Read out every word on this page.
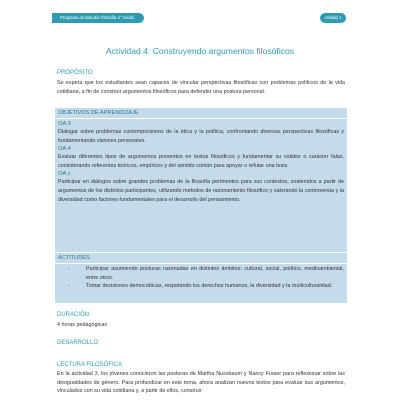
Programa de Estudio Filosofía 4° medio	Unidad 1
Actividad 4: Construyendo argumentos filosóficos
PROPÓSITO
Se espera que los estudiantes sean capaces de vincular perspectivas filosóficas con problemas políticos de la vida cotidiana, a fin de construir argumentos filosóficos para defender una postura personal.
OBJETIVOS DE APRENDIZAJE
OA 3
Dialogar sobre problemas contemporáneos de la ética y la política, confrontando diversas perspectivas filosóficas y fundamentando visiones personales.
OA 4
Evaluar diferentes tipos de argumentos presentes en textos filosóficos y fundamentar su validez o carácter falaz, considerando referentes teóricos, empíricos y del sentido común para apoyar o refutar una tesis.
OA c
Participar en diálogos sobre grandes problemas de la filosofía pertinentes para sus contextos, sostenidos a partir de argumentos de los distintos participantes, utilizando métodos de razonamiento filosófico y valorando la controversia y la diversidad como factores fundamentales para el desarrollo del pensamiento.
ACTITUDES
-	Participar asumiendo posturas razonadas en distintos ámbitos: cultural, social, político, medioambiental, entre otros.
-	Tomar decisiones democráticas, respetando los derechos humanos, la diversidad y la multiculturalidad.
DURACIÓN
4 horas pedagógicas
DESARROLLO
LECTURA FILOSÓFICA
En la actividad 3, los jóvenes conocieron las posturas de Martha Nussbaum y Nancy Fraser para reflexionar sobre las desigualdades de género. Para profundizar en este tema, ahora analizan nuevos textos para evaluar sus argumentos, vinculados con su vida cotidiana y, a partir de ellos, construir
